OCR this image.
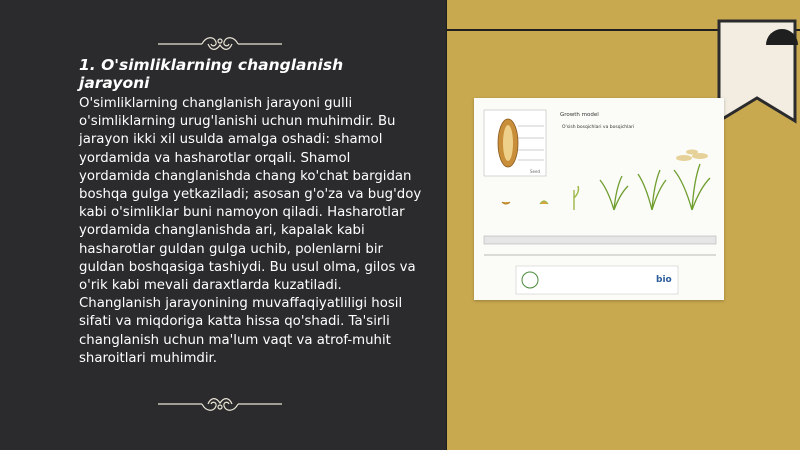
1. O'simliklarning changlanish jarayoni

O'simliklarning changlanish jarayoni gulli o'simliklarning urug'lanishi uchun muhimdir. Bu jarayon ikki xil usulda amalga oshadi: shamol yordamida va hasharotlar orqali. Shamol yordamida changlanishda chang ko'chat bargidan boshqa gulga yetkaziladi; asosan g'o'za va bug'doy kabi o'simliklar buni namoyon qiladi. Hasharotlar yordamida changlanishda ari, kapalak kabi hasharotlar guldan gulga uchib, polenlarni bir guldan boshqasiga tashiydi. Bu usul olma, gilos va o'rik kabi mevali daraxtlarda kuzatiladi. Changlanish jarayonining muvaffaqiyatliligi hosil sifati va miqdoriga katta hissa qo'shadi. Ta'sirli changlanish uchun ma'lum vaqt va atrof-muhit sharoitlari muhimdir.

Seed
Growth model
O'sish bosqichlari va bosqichlari
bio
